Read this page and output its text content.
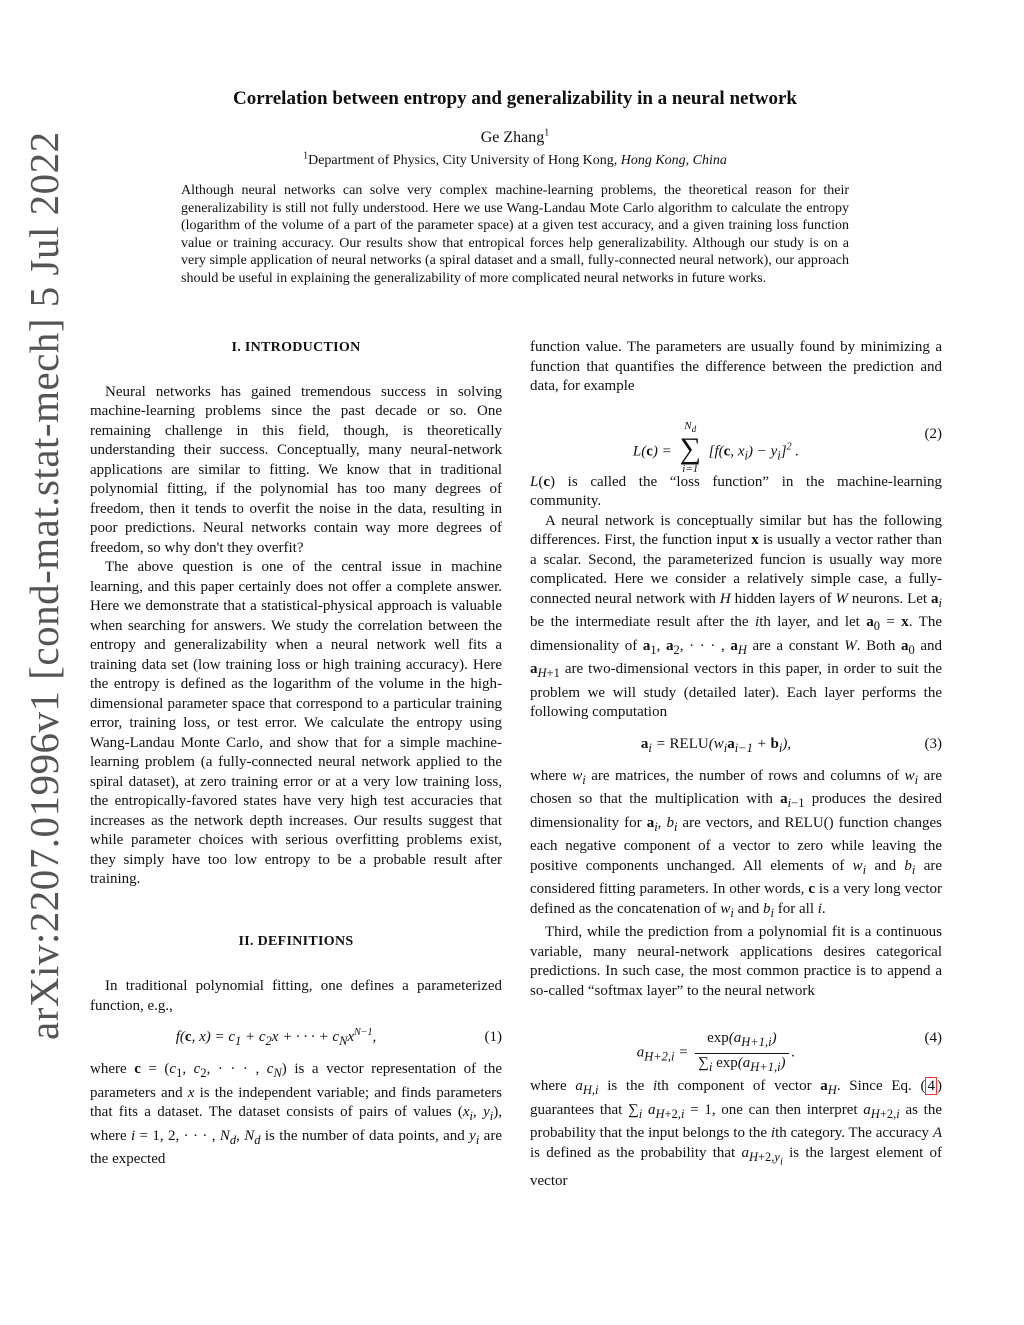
arXiv:2207.01996v1 [cond-mat.stat-mech] 5 Jul 2022
Correlation between entropy and generalizability in a neural network
Ge Zhang$^1$
$^1$Department of Physics, City University of Hong Kong, Hong Kong, China
Although neural networks can solve very complex machine-learning problems, the theoretical reason for their generalizability is still not fully understood. Here we use Wang-Landau Mote Carlo algorithm to calculate the entropy (logarithm of the volume of a part of the parameter space) at a given test accuracy, and a given training loss function value or training accuracy. Our results show that entropical forces help generalizability. Although our study is on a very simple application of neural networks (a spiral dataset and a small, fully-connected neural network), our approach should be useful in explaining the generalizability of more complicated neural networks in future works.

I. INTRODUCTION

Neural networks has gained tremendous success in solving machine-learning problems since the past decade or so. One remaining challenge in this field, though, is theoretically understanding their success. Conceptually, many neural-network applications are similar to fitting. We know that in traditional polynomial fitting, if the polynomial has too many degrees of freedom, then it tends to overfit the noise in the data, resulting in poor predictions. Neural networks contain way more degrees of freedom, so why don't they overfit?

The above question is one of the central issue in machine learning, and this paper certainly does not offer a complete answer. Here we demonstrate that a statistical-physical approach is valuable when searching for answers. We study the correlation between the entropy and generalizability when a neural network well fits a training data set (low training loss or high training accuracy). Here the entropy is defined as the logarithm of the volume in the high-dimensional parameter space that correspond to a particular training error, training loss, or test error. We calculate the entropy using Wang-Landau Monte Carlo, and show that for a simple machine-learning problem (a fully-connected neural network applied to the spiral dataset), at zero training error or at a very low training loss, the entropically-favored states have very high test accuracies that increases as the network depth increases. Our results suggest that while parameter choices with serious overfitting problems exist, they simply have too low entropy to be a probable result after training.

II. DEFINITIONS

In traditional polynomial fitting, one defines a parameterized function, e.g.,

f(c, $x) = c_1 + c_2x$ + · · · + $c_Nx^{N-1}$,	(1)

where $c = (c_1$, $c_2$, · · · , $c_N$) is a vector representation of the parameters and x is the independent variable; and finds parameters that fits a dataset. The dataset consists of pairs of values ($x_i$, $y_i$), where i = 1, 2, · · · , $N_d$, $N_d$ is the number of data points, and $y_i$ are the expected

function value. The parameters are usually found by minimizing a function that quantifies the difference between the prediction and data, for example

L(c) =
$N_d$
∑
i=1
[f(c, $x_i) - y_i]^2$ .
(2)

L(c) is called the “loss function” in the machine-learning community.

A neural network is conceptually similar but has the following differences. First, the function input x is usually a vector rather than a scalar. Second, the parameterized funcion is usually way more complicated. Here we consider a relatively simple case, a fully-connected neural network with H hidden layers of W neurons. Let $a_i$ be the intermediate result after the ith layer, and let $a_0 = x$. The dimensionality of $a_1$, $a_2$, · · · , $a_H$ are a constant W. Both $a_0$ and $a_{H+1}$ are two-dimensional vectors in this paper, in order to suit the problem we will study (detailed later). Each layer performs the following computation

$a_i$ = $RELU(w_ia_{i-1} + b_i)$,	(3)

where $w_i$ are matrices, the number of rows and columns of $w_i$ are chosen so that the multiplication with $a_{i-1}$ produces the desired dimensionality for $a_i$, $b_i$ are vectors, and RELU() function changes each negative component of a vector to zero while leaving the positive components unchanged. All elements of $w_i$ and $b_i$ are considered fitting parameters. In other words, c is a very long vector defined as the concatenation of $w_i$ and $b_i$ for all i.

Third, while the prediction from a polynomial fit is a continuous variable, many neural-network applications desires categorical predictions. In such case, the most common practice is to append a so-called “softmax layer” to the neural network

$a_{H+2,i} = \frac{\exp(a_{H+1,i})}{\sum_i \exp(a_{H+1,i})}$ .
(4)

where $a_{H,i}$ is the ith component of vector $a_H$. Since Eq. ( 4 ) guarantees that $\sum_i$ $a_{H+2,i} = 1$, one can then interpret $a_{H+2,i}$ as the probability that the input belongs to the ith category. The accuracy A is defined as the probability that $a_{H+2,y_i}$ is the largest element of vector
